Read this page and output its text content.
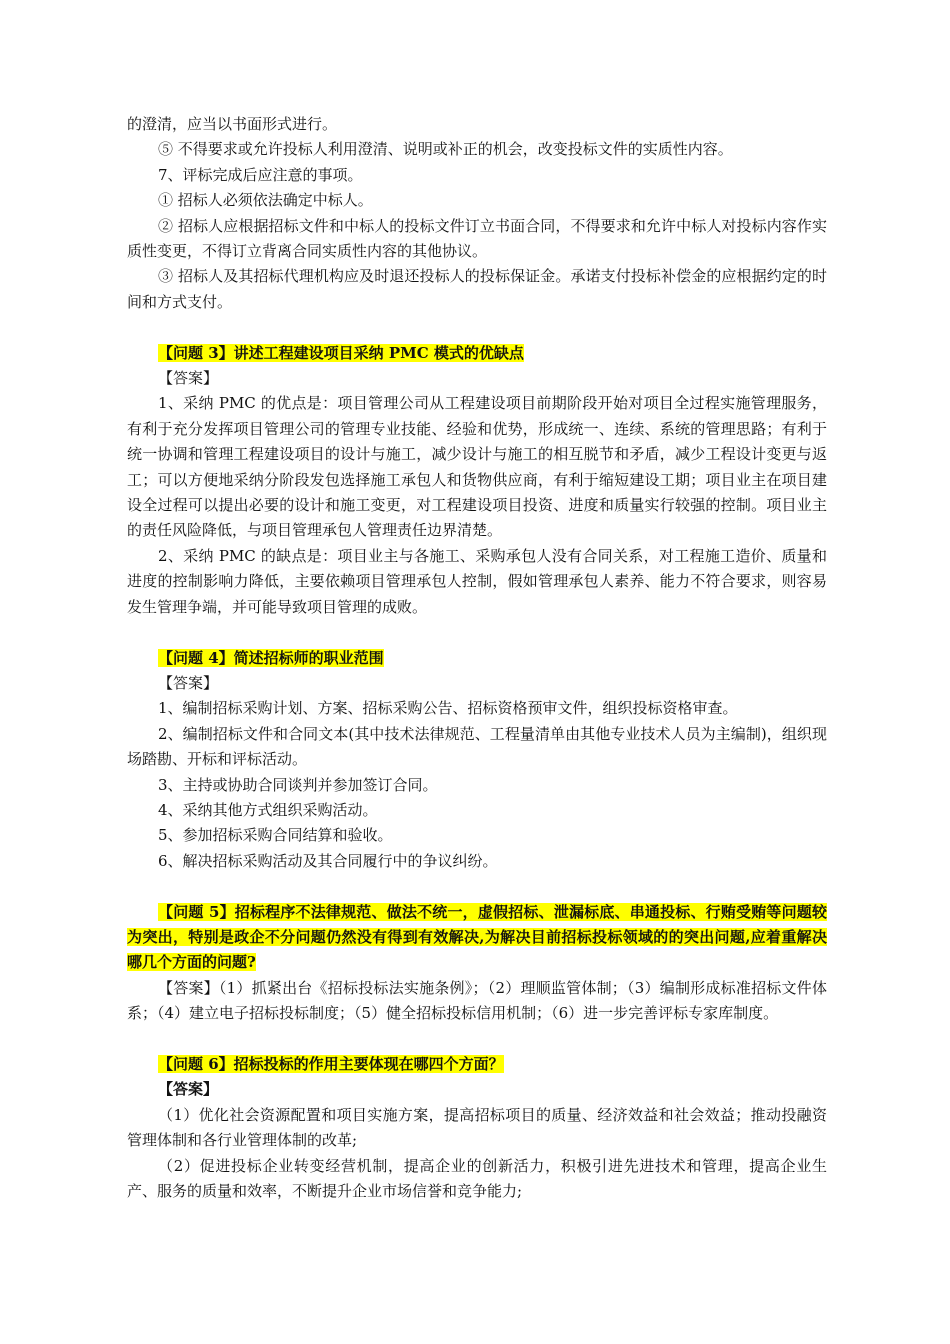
的澄清，应当以书面形式进行。

⑤ 不得要求或允许投标人利用澄清、说明或补正的机会，改变投标文件的实质性内容。

7、评标完成后应注意的事项。

① 招标人必须依法确定中标人。

② 招标人应根据招标文件和中标人的投标文件订立书面合同，不得要求和允许中标人对投标内容作实质性变更，不得订立背离合同实质性内容的其他协议。

③ 招标人及其招标代理机构应及时退还投标人的投标保证金。承诺支付投标补偿金的应根据约定的时间和方式支付。

【问题 3】讲述工程建设项目采纳 PMC 模式的优缺点

【答案】

1、采纳 PMC 的优点是：项目管理公司从工程建设项目前期阶段开始对项目全过程实施管理服务，有利于充分发挥项目管理公司的管理专业技能、经验和优势，形成统一、连续、系统的管理思路；有利于统一协调和管理工程建设项目的设计与施工，减少设计与施工的相互脱节和矛盾，减少工程设计变更与返工；可以方便地采纳分阶段发包选择施工承包人和货物供应商，有利于缩短建设工期；项目业主在项目建设全过程可以提出必要的设计和施工变更，对工程建设项目投资、进度和质量实行较强的控制。项目业主的责任风险降低，与项目管理承包人管理责任边界清楚。

2、采纳 PMC 的缺点是：项目业主与各施工、采购承包人没有合同关系，对工程施工造价、质量和进度的控制影响力降低，主要依赖项目管理承包人控制，假如管理承包人素养、能力不符合要求，则容易发生管理争端，并可能导致项目管理的成败。

【问题 4】简述招标师的职业范围

【答案】

1、编制招标采购计划、方案、招标采购公告、招标资格预审文件，组织投标资格审查。

2、编制招标文件和合同文本(其中技术法律规范、工程量清单由其他专业技术人员为主编制)，组织现场踏勘、开标和评标活动。

3、主持或协助合同谈判并参加签订合同。

4、采纳其他方式组织采购活动。

5、参加招标采购合同结算和验收。

6、解决招标采购活动及其合同履行中的争议纠纷。

【问题 5】招标程序不法律规范、做法不统一，虚假招标、泄漏标底、串通投标、行贿受贿等问题较为突出，特别是政企不分问题仍然没有得到有效解决,为解决目前招标投标领域的的突出问题,应着重解决哪几个方面的问题?

【答案】（1）抓紧出台《招标投标法实施条例》；（2）理顺监管体制；（3）编制形成标准招标文件体系；（4）建立电子招标投标制度；（5）健全招标投标信用机制；（6）进一步完善评标专家库制度。

【问题 6】招标投标的作用主要体现在哪四个方面？

【答案】

（1）优化社会资源配置和项目实施方案，提高招标项目的质量、经济效益和社会效益；推动投融资管理体制和各行业管理体制的改革;

（2）促进投标企业转变经营机制，提高企业的创新活力，积极引进先进技术和管理，提高企业生产、服务的质量和效率，不断提升企业市场信誉和竞争能力;
